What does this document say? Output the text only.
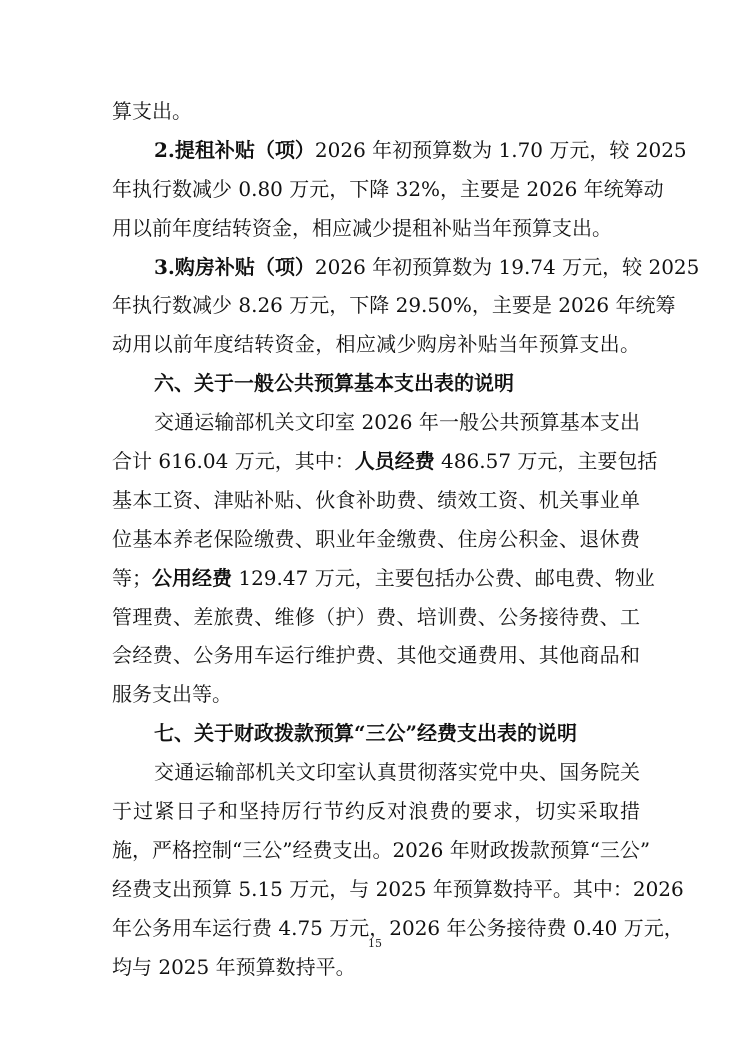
算支出。
2.提租补贴（项）2026 年初预算数为 1.70 万元，较 2025
年执行数减少 0.80 万元，下降 32%，主要是 2026 年统筹动
用以前年度结转资金，相应减少提租补贴当年预算支出。
3.购房补贴（项）2026 年初预算数为 19.74 万元，较 2025
年执行数减少 8.26 万元，下降 29.50%，主要是 2026 年统筹
动用以前年度结转资金，相应减少购房补贴当年预算支出。
六、关于一般公共预算基本支出表的说明
交通运输部机关文印室 2026 年一般公共预算基本支出
合计 616.04 万元，其中：人员经费 486.57 万元，主要包括
基本工资、津贴补贴、伙食补助费、绩效工资、机关事业单
位基本养老保险缴费、职业年金缴费、住房公积金、退休费
等；公用经费 129.47 万元，主要包括办公费、邮电费、物业
管理费、差旅费、维修（护）费、培训费、公务接待费、工
会经费、公务用车运行维护费、其他交通费用、其他商品和
服务支出等。
七、关于财政拨款预算“三公”经费支出表的说明
交通运输部机关文印室认真贯彻落实党中央、国务院关
于过紧日子和坚持厉行节约反对浪费的要求，切实采取措
施，严格控制“三公”经费支出。2026 年财政拨款预算“三公”
经费支出预算 5.15 万元，与 2025 年预算数持平。其中：2026
年公务用车运行费 4.75 万元，2026 年公务接待费 0.40 万元，
均与 2025 年预算数持平。
15
